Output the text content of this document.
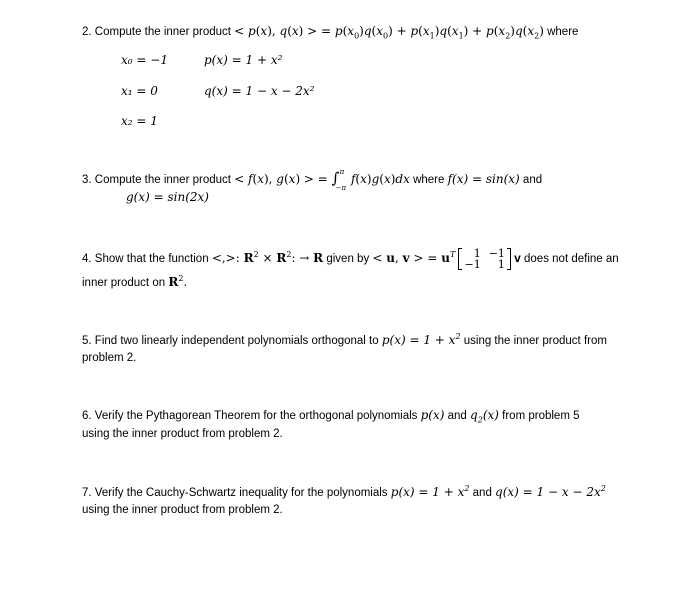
2. Compute the inner product < p(x), q(x) > = $p(x_0)q(x_0) + p(x_1)q(x_1) + p(x_2)q(x_2)$ where
x₀ = −1	p(x) = 1 + x²
x₁ = 0	q(x) = 1 − x − 2x²
x₂ = 1
3. Compute the inner product < f(x), g(x) > = ∫ π
−π
f(x)g(x)dx where f(x) = sin(x) and
g(x) = sin(2x)
4. Show that the function <,>: $R^2 \times R^2$: → R given by < u, v > = $u^T$ 1	−1
−1	1 v does not define an
inner product on $R^2$.
5. Find two linearly independent polynomials orthogonal to $p(x) = 1 + x^2$ using the inner product from
problem 2.
6. Verify the Pythagorean Theorem for the orthogonal polynomials p(x) and $q_2(x)$ from problem 5
using the inner product from problem 2.
7. Verify the Cauchy-Schwartz inequality for the polynomials $p(x) = 1 + x^2$ and $q(x) = 1 - x - 2x^2$
using the inner product from problem 2.
